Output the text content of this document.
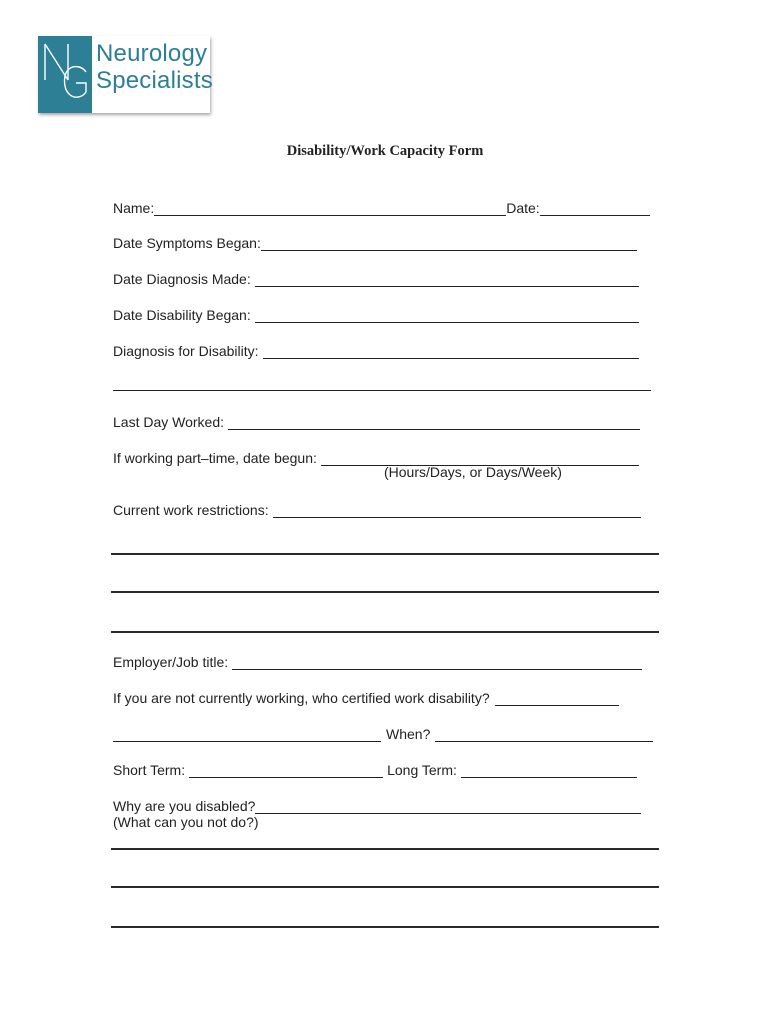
Neurology
Specialists
Disability/Work Capacity Form
Name:	Date:
Date Symptoms Began:
Date Diagnosis Made:
Date Disability Began:
Diagnosis for Disability:
Last Day Worked:
If working part–time, date begun:
(Hours/Days, or Days/Week)
Current work restrictions:
Employer/Job title:
If you are not currently working, who certified work disability?
When?
Short Term:	Long Term:
Why are you disabled?
(What can you not do?)
